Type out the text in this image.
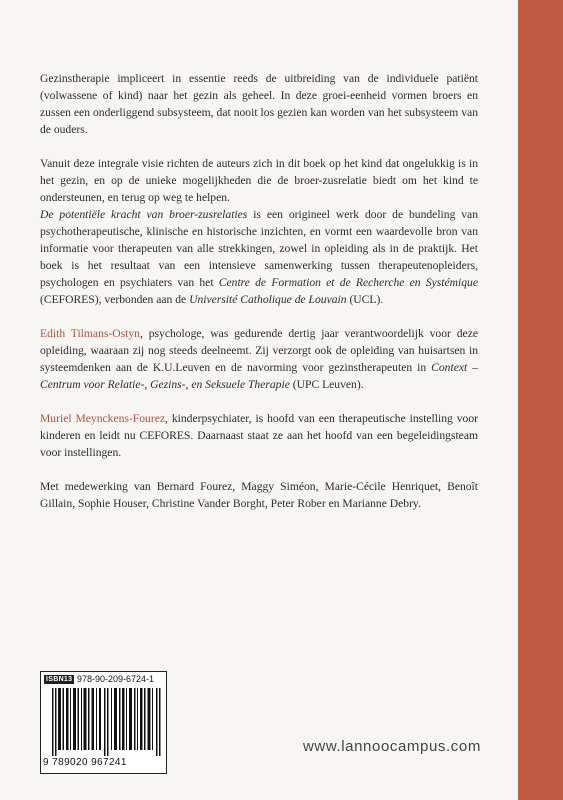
Gezinstherapie impliceert in essentie reeds de uitbreiding van de individuele patiënt (volwassene of kind) naar het gezin als geheel. In deze groei-eenheid vormen broers en zussen een onderliggend subsysteem, dat nooit los gezien kan worden van het subsysteem van de ouders.

Vanuit deze integrale visie richten de auteurs zich in dit boek op het kind dat ongelukkig is in het gezin, en op de unieke mogelijkheden die de broer-zusrelatie biedt om het kind te ondersteunen, en terug op weg te helpen.

De potentiële kracht van broer-zusrelaties is een origineel werk door de bundeling van psychotherapeutische, klinische en historische inzichten, en vormt een waardevolle bron van informatie voor therapeuten van alle strekkingen, zowel in opleiding als in de praktijk. Het boek is het resultaat van een intensieve samenwerking tussen therapeutenopleiders, psychologen en psychiaters van het Centre de Formation et de Recherche en Systémique (CEFORES), verbonden aan de Université Catholique de Louvain (UCL).

Edith Tilmans-Ostyn, psychologe, was gedurende dertig jaar verantwoordelijk voor deze opleiding, waaraan zij nog steeds deelneemt. Zij verzorgt ook de opleiding van huisartsen in systeemdenken aan de K.U.Leuven en de navorming voor gezinstherapeuten in Context – Centrum voor Relatie-, Gezins-, en Seksuele Therapie (UPC Leuven).

Muriel Meynckens-Fourez, kinderpsychiater, is hoofd van een therapeutische instelling voor kinderen en leidt nu CEFORES. Daarnaast staat ze aan het hoofd van een begeleidingsteam voor instellingen.

Met medewerking van Bernard Fourez, Maggy Siméon, Marie-Cécile Henriquet, Benoît Gillain, Sophie Houser, Christine Vander Borght, Peter Rober en Marianne Debry.

ISBN13 978-90-209-6724-1
9 789020 967241
www.lannoocampus.com
